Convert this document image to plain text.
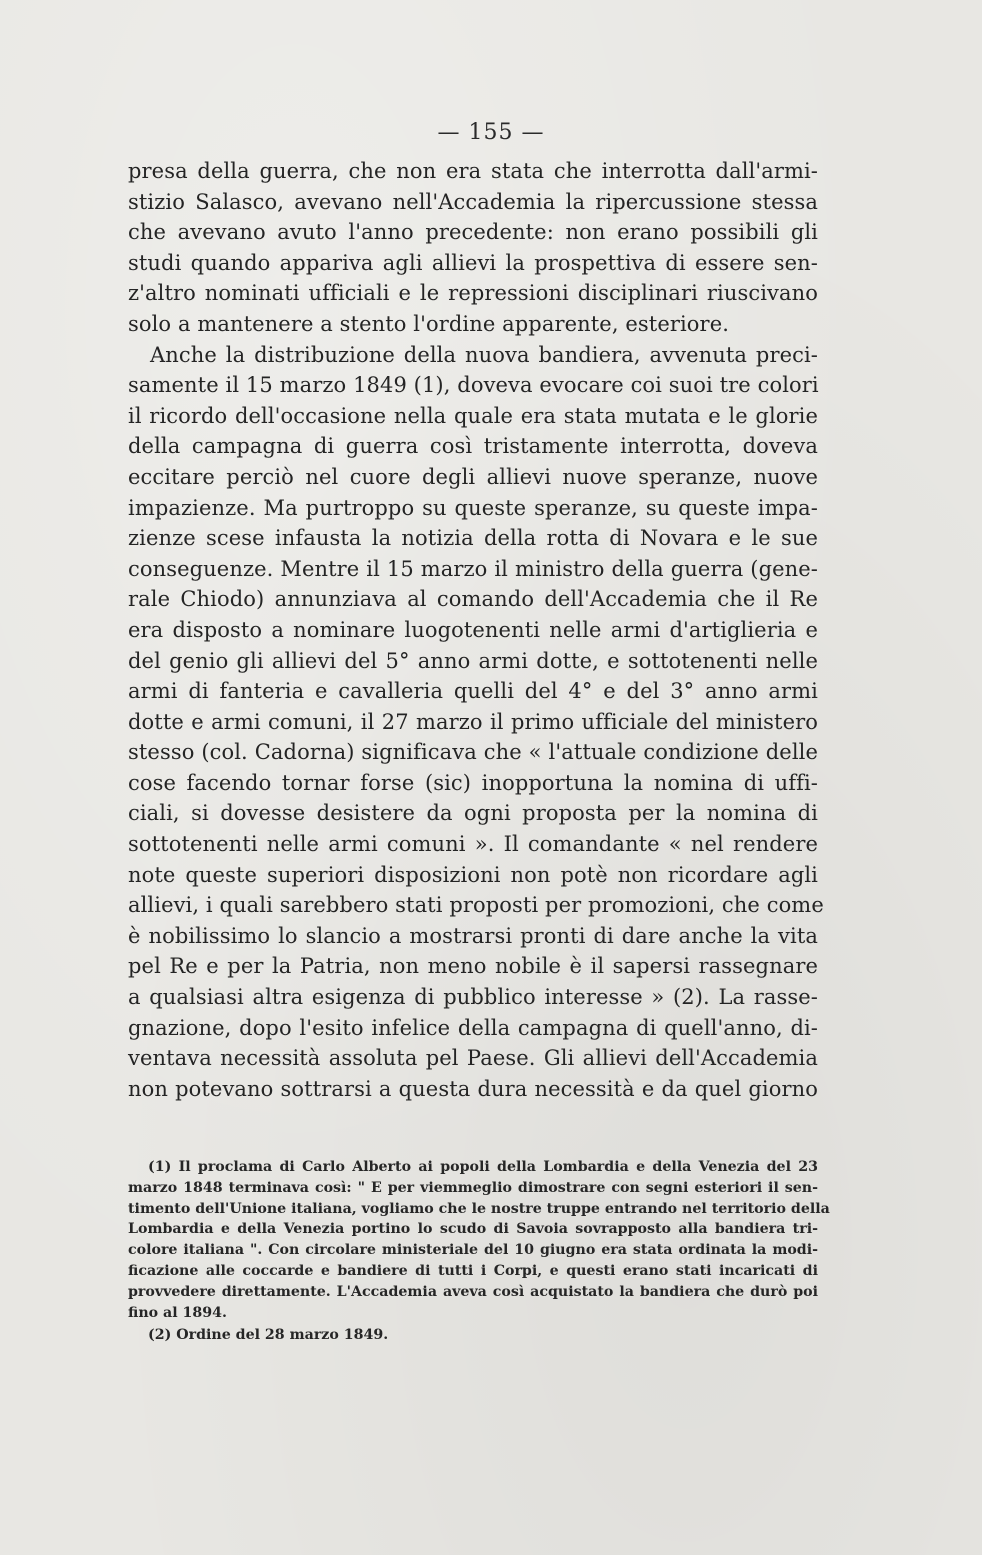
— 155 —
presa della guerra, che non era stata che interrotta dall'armi-
stizio Salasco, avevano nell'Accademia la ripercussione stessa
che avevano avuto l'anno precedente: non erano possibili gli
studi quando appariva agli allievi la prospettiva di essere sen-
z'altro nominati ufficiali e le repressioni disciplinari riuscivano
solo a mantenere a stento l'ordine apparente, esteriore.
Anche la distribuzione della nuova bandiera, avvenuta preci-
samente il 15 marzo 1849 (1), doveva evocare coi suoi tre colori
il ricordo dell'occasione nella quale era stata mutata e le glorie
della campagna di guerra così tristamente interrotta, doveva
eccitare perciò nel cuore degli allievi nuove speranze, nuove
impazienze. Ma purtroppo su queste speranze, su queste impa-
zienze scese infausta la notizia della rotta di Novara e le sue
conseguenze. Mentre il 15 marzo il ministro della guerra (gene-
rale Chiodo) annunziava al comando dell'Accademia che il Re
era disposto a nominare luogotenenti nelle armi d'artiglieria e
del genio gli allievi del 5° anno armi dotte, e sottotenenti nelle
armi di fanteria e cavalleria quelli del 4° e del 3° anno armi
dotte e armi comuni, il 27 marzo il primo ufficiale del ministero
stesso (col. Cadorna) significava che « l'attuale condizione delle
cose facendo tornar forse (sic) inopportuna la nomina di uffi-
ciali, si dovesse desistere da ogni proposta per la nomina di
sottotenenti nelle armi comuni ». Il comandante « nel rendere
note queste superiori disposizioni non potè non ricordare agli
allievi, i quali sarebbero stati proposti per promozioni, che come
è nobilissimo lo slancio a mostrarsi pronti di dare anche la vita
pel Re e per la Patria, non meno nobile è il sapersi rassegnare
a qualsiasi altra esigenza di pubblico interesse » (2). La rasse-
gnazione, dopo l'esito infelice della campagna di quell'anno, di-
ventava necessità assoluta pel Paese. Gli allievi dell'Accademia
non potevano sottrarsi a questa dura necessità e da quel giorno
(1) Il proclama di Carlo Alberto ai popoli della Lombardia e della Venezia del 23
marzo 1848 terminava così: " E per viemmeglio dimostrare con segni esteriori il sen-
timento dell'Unione italiana, vogliamo che le nostre truppe entrando nel territorio della
Lombardia e della Venezia portino lo scudo di Savoia sovrapposto alla bandiera tri-
colore italiana ". Con circolare ministeriale del 10 giugno era stata ordinata la modi-
ficazione alle coccarde e bandiere di tutti i Corpi, e questi erano stati incaricati di
provvedere direttamente. L'Accademia aveva così acquistato la bandiera che durò poi
fino al 1894.
(2) Ordine del 28 marzo 1849.
